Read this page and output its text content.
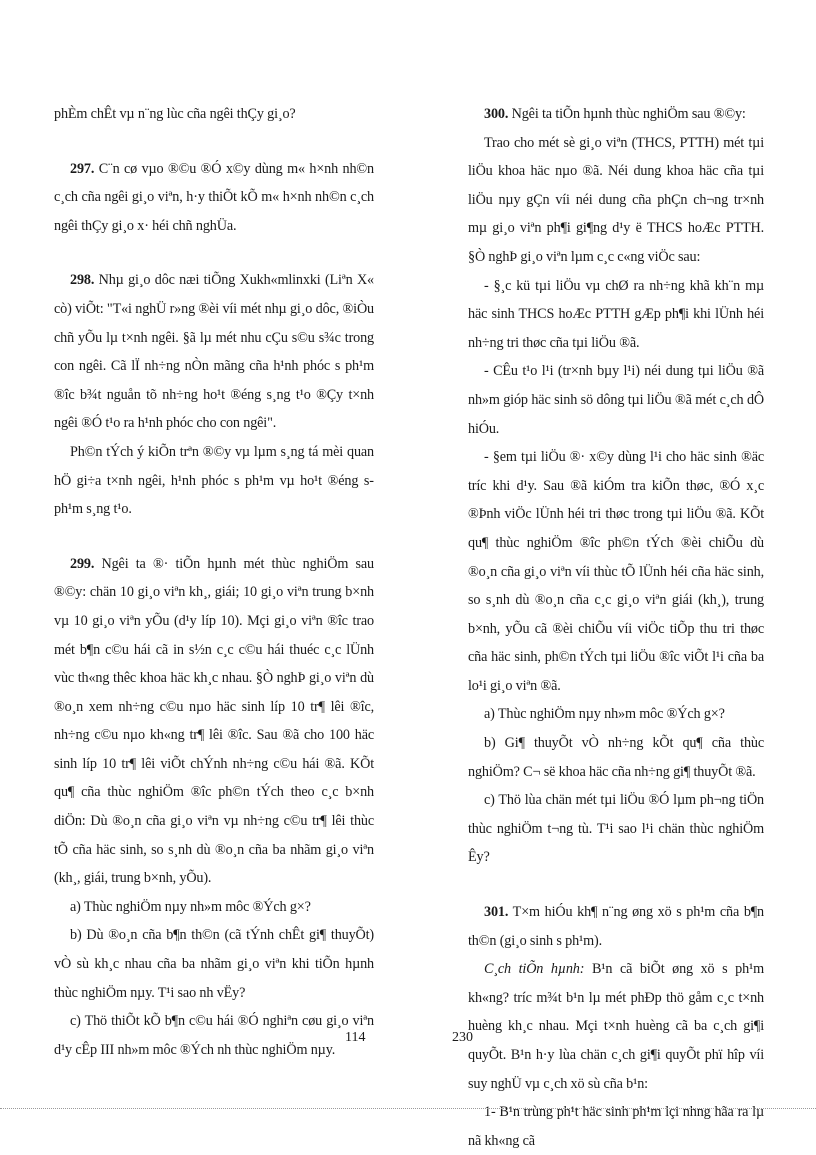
phÈm chÊt vµ n¨ng lùc cña ngêi thÇy gi¸o?

297. C¨n cø vµo ®©u ®Ó x©y dùng m« h×nh nh©n c¸ch cña ngêi gi¸o viªn, h·y thiÕt kÕ m« h×nh nh©n c¸ch ngêi thÇy gi¸o x· héi chñ nghÜa.

298. Nhµ gi¸o dôc næi tiÕng Xukh«mlinxki (Liªn X« cò) viÕt: "T«i nghÜ r»ng ®èi víi mét nhµ gi¸o dôc, ®iÒu chñ yÕu lµ t×nh ngêi. §ã lµ mét nhu cÇu s©u s¾c trong con ngêi. Cã lÏ nh÷ng nÒn mãng cña h¹nh phóc s ph¹m ®îc b¾t nguån tõ nh÷ng ho¹t ®éng s¸ng t¹o ®Çy t×nh ngêi ®Ó t¹o ra h¹nh phóc cho con ngêi".

Ph©n tÝch ý kiÕn trªn ®©y vµ lµm s¸ng tá mèi quan hÖ gi÷a t×nh ngêi, h¹nh phóc s ph¹m vµ ho¹t ®éng s ph¹m s¸ng t¹o.

299. Ngêi ta ®· tiÕn hµnh mét thùc nghiÖm sau ®©y: chän 10 gi¸o viªn kh¸, giái; 10 gi¸o viªn trung b×nh vµ 10 gi¸o viªn yÕu (d¹y líp 10). Mçi gi¸o viªn ®îc trao mét b¶n c©u hái cã in s½n c¸c c©u hái thuéc c¸c lÜnh vùc th«ng thêc khoa häc kh¸c nhau. §Ò nghÞ gi¸o viªn dù ®o¸n xem nh÷ng c©u nµo häc sinh líp 10 tr¶ lêi ®îc, nh÷ng c©u nµo kh«ng tr¶ lêi ®îc. Sau ®ã cho 100 häc sinh líp 10 tr¶ lêi viÕt chÝnh nh÷ng c©u hái ®ã. KÕt qu¶ cña thùc nghiÖm ®îc ph©n tÝch theo c¸c b×nh diÖn: Dù ®o¸n cña gi¸o viªn vµ nh÷ng c©u tr¶ lêi thùc tÕ cña häc sinh, so s¸nh dù ®o¸n cña ba nhãm gi¸o viªn (kh¸, giái, trung b×nh, yÕu).

a) Thùc nghiÖm nµy nh»m môc ®Ých g×?

b) Dù ®o¸n cña b¶n th©n (cã tÝnh chÊt gi¶ thuyÕt) vÒ sù kh¸c nhau cña ba nhãm gi¸o viªn khi tiÕn hµnh thùc nghiÖm nµy. T¹i sao nh vËy?

c) Thö thiÕt kÕ b¶n c©u hái ®Ó nghiªn cøu gi¸o viªn d¹y cÊp III nh»m môc ®Ých nh thùc nghiÖm nµy.

300. Ngêi ta tiÕn hµnh thùc nghiÖm sau ®©y:

Trao cho mét sè gi¸o viªn (THCS, PTTH) mét tµi liÖu khoa häc nµo ®ã. Néi dung khoa häc cña tµi liÖu nµy gÇn víi néi dung cña phÇn ch¬ng tr×nh mµ gi¸o viªn ph¶i gi¶ng d¹y ë THCS hoÆc PTTH. §Ò nghÞ gi¸o viªn lµm c¸c c«ng viÖc sau:

- §¸c kü tµi liÖu vµ chØ ra nh÷ng khã kh¨n mµ häc sinh THCS hoÆc PTTH gÆp ph¶i khi lÜnh héi nh÷ng tri thøc cña tµi liÖu ®ã.

- CÊu t¹o l¹i (tr×nh bµy l¹i) néi dung tµi liÖu ®ã nh»m gióp häc sinh sö dông tµi liÖu ®ã mét c¸ch dÔ hiÓu.

- §em tµi liÖu ®· x©y dùng l¹i cho häc sinh ®äc tríc khi d¹y. Sau ®ã kiÓm tra kiÕn thøc, ®Ó x¸c ®Þnh viÖc lÜnh héi tri thøc trong tµi liÖu ®ã. KÕt qu¶ thùc nghiÖm ®îc ph©n tÝch ®èi chiÕu dù ®o¸n cña gi¸o viªn víi thùc tÕ lÜnh héi cña häc sinh, so s¸nh dù ®o¸n cña c¸c gi¸o viªn giái (kh¸), trung b×nh, yÕu cã ®èi chiÕu víi viÖc tiÕp thu tri thøc cña häc sinh, ph©n tÝch tµi liÖu ®îc viÕt l¹i cña ba lo¹i gi¸o viªn ®ã.

a) Thùc nghiÖm nµy nh»m môc ®Ých g×?

b) Gi¶ thuyÕt vÒ nh÷ng kÕt qu¶ cña thùc nghiÖm? C¬ së khoa häc cña nh÷ng gi¶ thuyÕt ®ã.

c) Thö lùa chän mét tµi liÖu ®Ó lµm ph¬ng tiÖn thùc nghiÖm t¬ng tù. T¹i sao l¹i chän thùc nghiÖm Êy?

301. T×m hiÓu kh¶ n¨ng øng xö s ph¹m cña b¶n th©n (gi¸o sinh s ph¹m).

C¸ch tiÕn hµnh: B¹n cã biÕt øng xö s ph¹m kh«ng? tríc m¾t b¹n lµ mét phÐp thö gåm c¸c t×nh huèng kh¸c nhau. Mçi t×nh huèng cã ba c¸ch gi¶i quyÕt. B¹n h·y lùa chän c¸ch gi¶i quyÕt phï hîp víi suy nghÜ vµ c¸ch xö sù cña b¹n:

1- B¹n trùng ph¹t häc sinh ph¹m lçi nhng hãa ra lµ nã kh«ng cã

114	230
